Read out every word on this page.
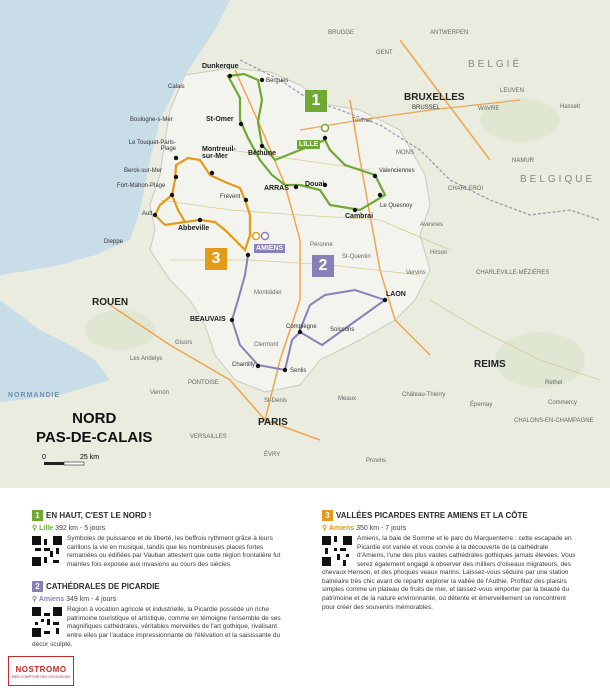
BELGIË
BELGIQUE
NORMANDIE
1
2
3
Dunkerque
Bergues
St-Omer
Béthune
LILLE
Valenciennes
Le Quesnoy
Cambrai
Douai
ARRAS
Le Touquet-Paris-Plage	Montreuil-sur-Mer
Berck-sur-Mer
Fort-Mahon-Plage
Ault
Abbeville
Frévent
AMIENS
LAON
Soissons
Compiègne
BEAUVAIS
Chantilly
Senlis
Boulogne-s-Mer
Calais
Dieppe
ROUEN
PARIS
BRUXELLES
BRUSSEL
GENT
ANTWERPEN
BRUGGE
LEUVEN
WAVRE
MONS
NAMUR
CHARLEROI
Hasselt
Tournai
Péronne
St-Quentin
Montdidier
Clermont
Vervins
Hirson
Avesnes
CHARLEVILLE-MÉZIÈRES
REIMS
Château-Thierry
Meaux
Provins
CHALONS-EN-CHAMPAGNE
Épernay
Les Andelys
Vernon
PONTOISE
VERSAILLES
ÉVRY
St-Denis
Gisors
Rethel
Commercy
NORD
PAS-DE-CALAIS
0	25 km
1 EN HAUT, C'EST LE NORD !
⚲ Lille 392 km - 5 jours
Symboles de puissance et de liberté, les beffrois rythment grâce à leurs carillons la vie en musique, tandis que les nombreuses places fortes remaniées ou édifiées par Vauban attestent que cette région frontalière fut maintes fois exposée aux invasions au cours des siècles.
2 CATHÉDRALES DE PICARDIE
⚲ Amiens 349 km - 4 jours
Région à vocation agricole et industrielle, la Picardie possède un riche patrimoine touristique et artistique, comme en témoigne l'ensemble de ses magnifiques cathédrales, véritables merveilles de l'art gothique, rivalisant entre elles par l'audace impressionnante de l'élévation et la saisissante du décor sculpté.
3 VALLÉES PICARDES ENTRE AMIENS ET LA CÔTE
⚲ Amiens 350 km - 7 jours
Amiens, la baie de Somme et le parc du Marquenterre : cette escapade en Picardie est variée et vous convie à la découverte de la cathédrale d'Amiens, l'une des plus vastes cathédrales gothiques jamais élevées. Vous serez également engagé à observer des milliers d'oiseaux migrateurs, des chevaux Henson, et des phoques veaux marins. Laissez-vous séduire par une station balnéaire très chic avant de repartir explorer la vallée de l'Authie. Profitez des plaisirs simples comme un plateau de fruits de mer, et laissez-vous emporter par la beauté du patrimoine et de la nature environnante, où détente et émerveillement se rencontrent pour créer des souvenirs mémorables.
NOSTROMO
WEB COMPTOIR DES VOYAGEURS
